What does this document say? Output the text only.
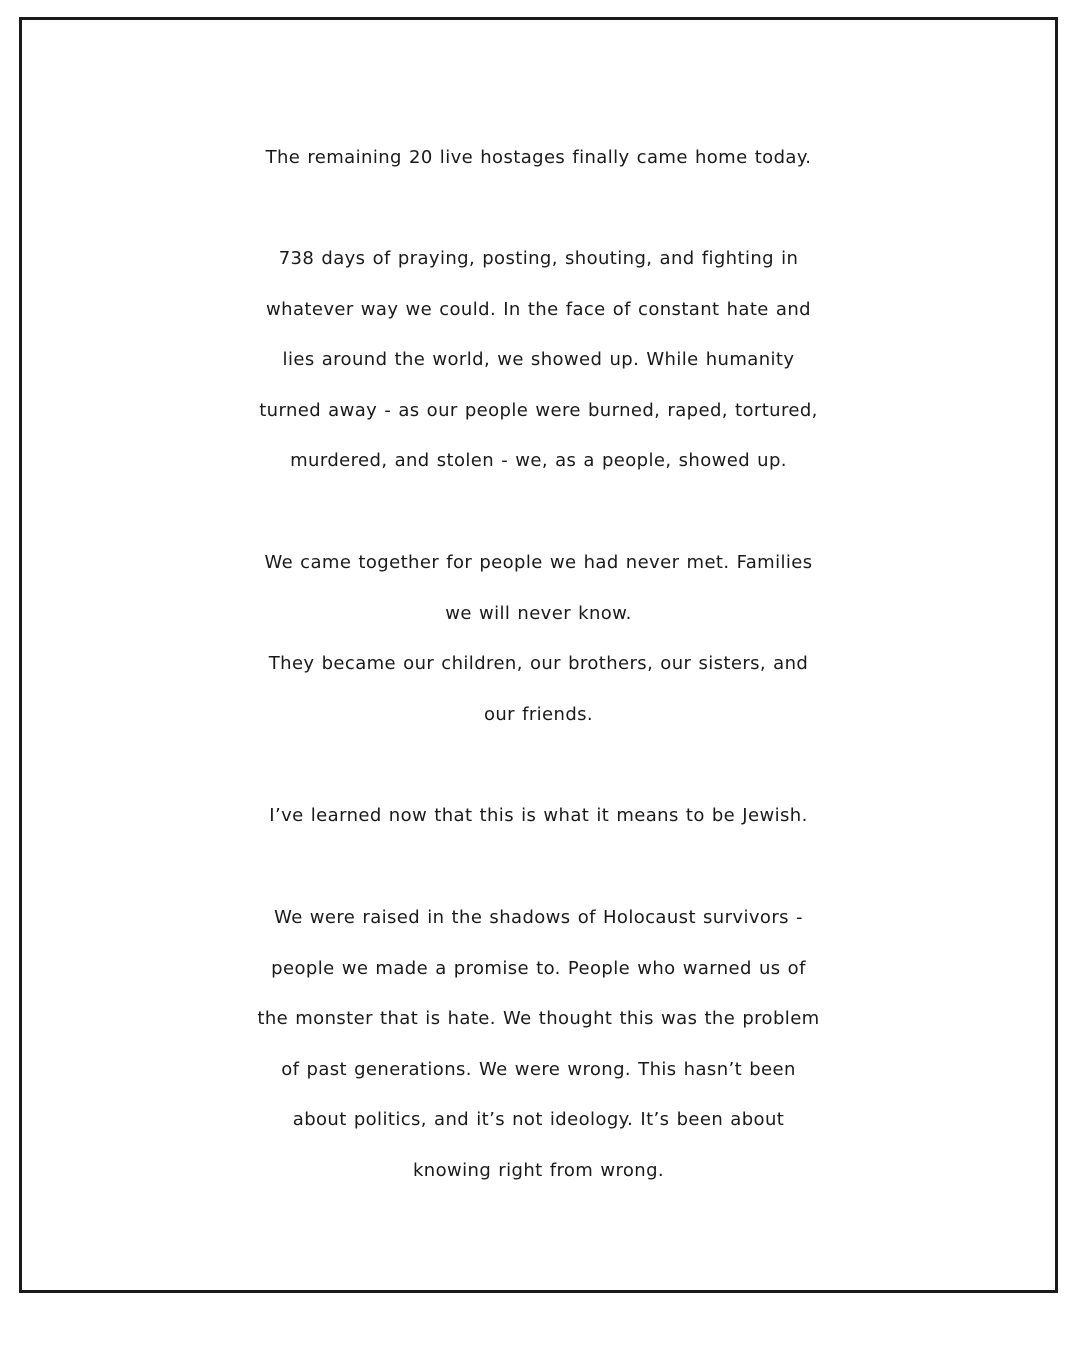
The remaining 20 live hostages finally came home today.

738 days of praying, posting, shouting, and fighting in
whatever way we could. In the face of constant hate and
lies around the world, we showed up. While humanity
turned away - as our people were burned, raped, tortured,
murdered, and stolen - we, as a people, showed up.

We came together for people we had never met. Families
we will never know.
They became our children, our brothers, our sisters, and
our friends.

I’ve learned now that this is what it means to be Jewish.

We were raised in the shadows of Holocaust survivors -
people we made a promise to. People who warned us of
the monster that is hate. We thought this was the problem
of past generations. We were wrong. This hasn’t been
about politics, and it’s not ideology. It’s been about
knowing right from wrong.
